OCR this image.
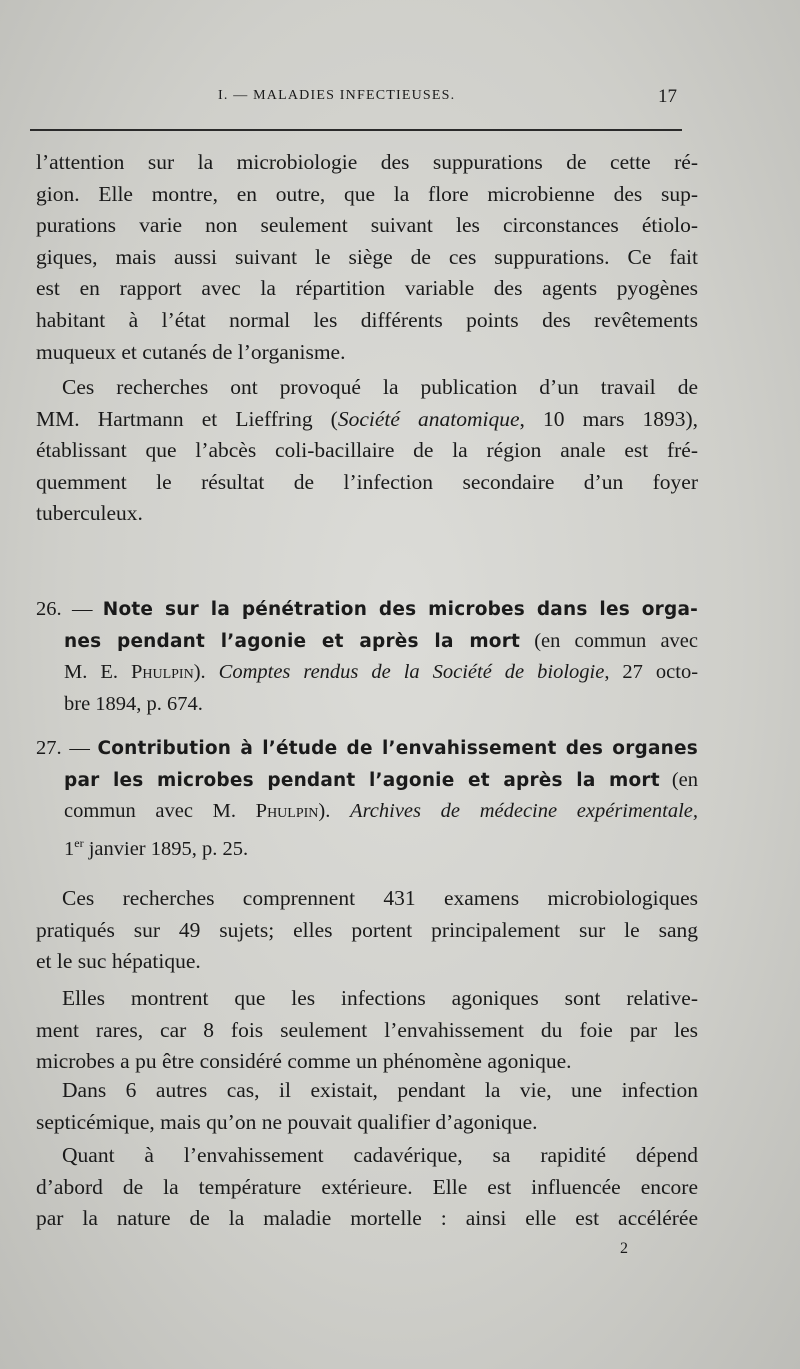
I. — MALADIES INFECTIEUSES.	17
l’attention sur la microbiologie des suppurations de cette ré-
gion. Elle montre, en outre, que la flore microbienne des sup-
purations varie non seulement suivant les circonstances étiolo-
giques, mais aussi suivant le siège de ces suppurations. Ce fait
est en rapport avec la répartition variable des agents pyogènes
habitant à l’état normal les différents points des revêtements
muqueux et cutanés de l’organisme.
Ces recherches ont provoqué la publication d’un travail de
MM. Hartmann et Lieffring (Société anatomique, 10 mars 1893),
établissant que l’abcès coli-bacillaire de la région anale est fré-
quemment le résultat de l’infection secondaire d’un foyer
tuberculeux.
26. — Note sur la pénétration des microbes dans les orga-
nes pendant l’agonie et après la mort (en commun avec
M. E. Phulpin). Comptes rendus de la Société de biologie, 27 octo-
bre 1894, p. 674.
27. — Contribution à l’étude de l’envahissement des organes
par les microbes pendant l’agonie et après la mort (en
commun avec M. Phulpin). Archives de médecine expérimentale,
1er janvier 1895, p. 25.
Ces recherches comprennent 431 examens microbiologiques
pratiqués sur 49 sujets; elles portent principalement sur le sang
et le suc hépatique.
Elles montrent que les infections agoniques sont relative-
ment rares, car 8 fois seulement l’envahissement du foie par les
microbes a pu être considéré comme un phénomène agonique.
Dans 6 autres cas, il existait, pendant la vie, une infection
septicémique, mais qu’on ne pouvait qualifier d’agonique.
Quant à l’envahissement cadavérique, sa rapidité dépend
d’abord de la température extérieure. Elle est influencée encore
par la nature de la maladie mortelle : ainsi elle est accélérée
2
